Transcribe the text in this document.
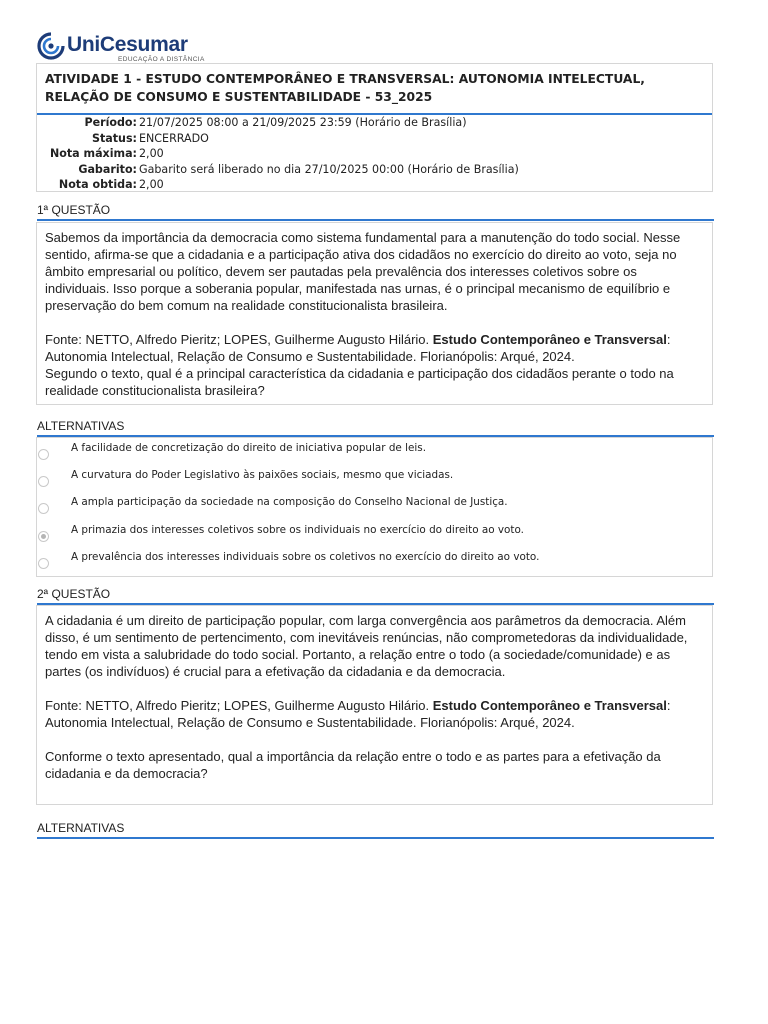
UniCesumar
EDUCAÇÃO A DISTÂNCIA
ATIVIDADE 1 - ESTUDO CONTEMPORÂNEO E TRANSVERSAL: AUTONOMIA INTELECTUAL, RELAÇÃO DE CONSUMO E SUSTENTABILIDADE - 53_2025
Período: 21/07/2025 08:00 a 21/09/2025 23:59 (Horário de Brasília)
Status: ENCERRADO
Nota máxima: 2,00
Gabarito: Gabarito será liberado no dia 27/10/2025 00:00 (Horário de Brasília)
Nota obtida: 2,00
1ª QUESTÃO

Sabemos da importância da democracia como sistema fundamental para a manutenção do todo social. Nesse sentido, afirma-se que a cidadania e a participação ativa dos cidadãos no exercício do direito ao voto, seja no âmbito empresarial ou político, devem ser pautadas pela prevalência dos interesses coletivos sobre os individuais. Isso porque a soberania popular, manifestada nas urnas, é o principal mecanismo de equilíbrio e preservação do bem comum na realidade constitucionalista brasileira.

Fonte: NETTO, Alfredo Pieritz; LOPES, Guilherme Augusto Hilário. Estudo Contemporâneo e Transversal: Autonomia Intelectual, Relação de Consumo e Sustentabilidade. Florianópolis: Arqué, 2024.

Segundo o texto, qual é a principal característica da cidadania e participação dos cidadãos perante o todo na realidade constitucionalista brasileira?

ALTERNATIVAS
A facilidade de concretização do direito de iniciativa popular de leis.
A curvatura do Poder Legislativo às paixões sociais, mesmo que viciadas.
A ampla participação da sociedade na composição do Conselho Nacional de Justiça.
A primazia dos interesses coletivos sobre os individuais no exercício do direito ao voto.
A prevalência dos interesses individuais sobre os coletivos no exercício do direito ao voto.
2ª QUESTÃO

A cidadania é um direito de participação popular, com larga convergência aos parâmetros da democracia. Além disso, é um sentimento de pertencimento, com inevitáveis renúncias, não comprometedoras da individualidade, tendo em vista a salubridade do todo social. Portanto, a relação entre o todo (a sociedade/comunidade) e as partes (os indivíduos) é crucial para a efetivação da cidadania e da democracia.

Fonte: NETTO, Alfredo Pieritz; LOPES, Guilherme Augusto Hilário. Estudo Contemporâneo e Transversal: Autonomia Intelectual, Relação de Consumo e Sustentabilidade. Florianópolis: Arqué, 2024.

Conforme o texto apresentado, qual a importância da relação entre o todo e as partes para a efetivação da cidadania e da democracia?

ALTERNATIVAS
